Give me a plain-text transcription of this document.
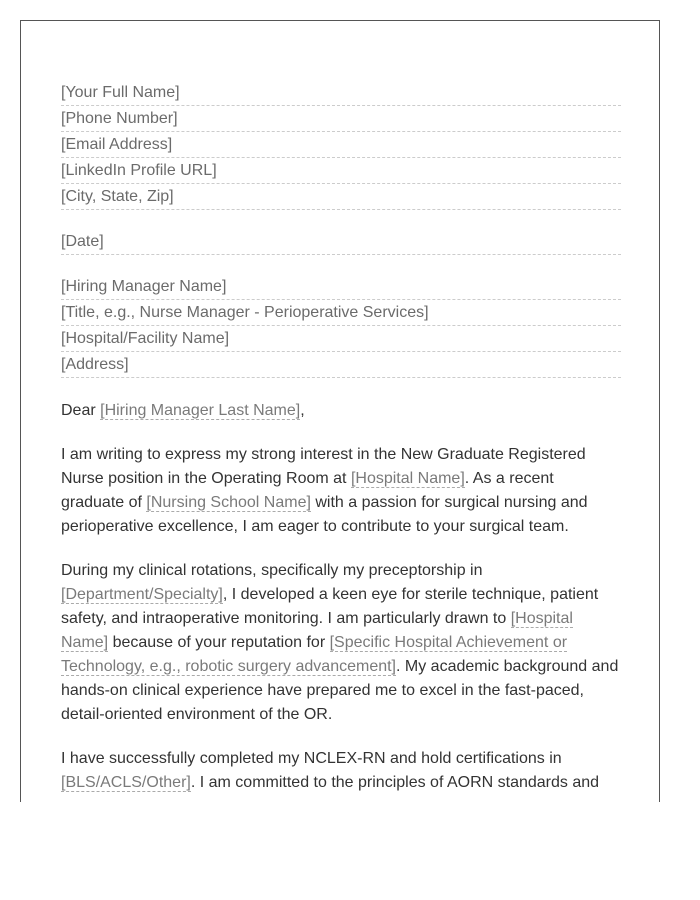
[Your Full Name]
[Phone Number]
[Email Address]
[LinkedIn Profile URL]
[City, State, Zip]
[Date]
[Hiring Manager Name]
[Title, e.g., Nurse Manager - Perioperative Services]
[Hospital/Facility Name]
[Address]
Dear [Hiring Manager Last Name],

I am writing to express my strong interest in the New Graduate Registered Nurse position in the Operating Room at [Hospital Name]. As a recent graduate of [Nursing School Name] with a passion for surgical nursing and perioperative excellence, I am eager to contribute to your surgical team.

During my clinical rotations, specifically my preceptorship in [Department/Specialty], I developed a keen eye for sterile technique, patient safety, and intraoperative monitoring. I am particularly drawn to [Hospital Name] because of your reputation for [Specific Hospital Achievement or Technology, e.g., robotic surgery advancement]. My academic background and hands-on clinical experience have prepared me to excel in the fast-paced, detail-oriented environment of the OR.

I have successfully completed my NCLEX-RN and hold certifications in [BLS/ACLS/Other]. I am committed to the principles of AORN standards and
